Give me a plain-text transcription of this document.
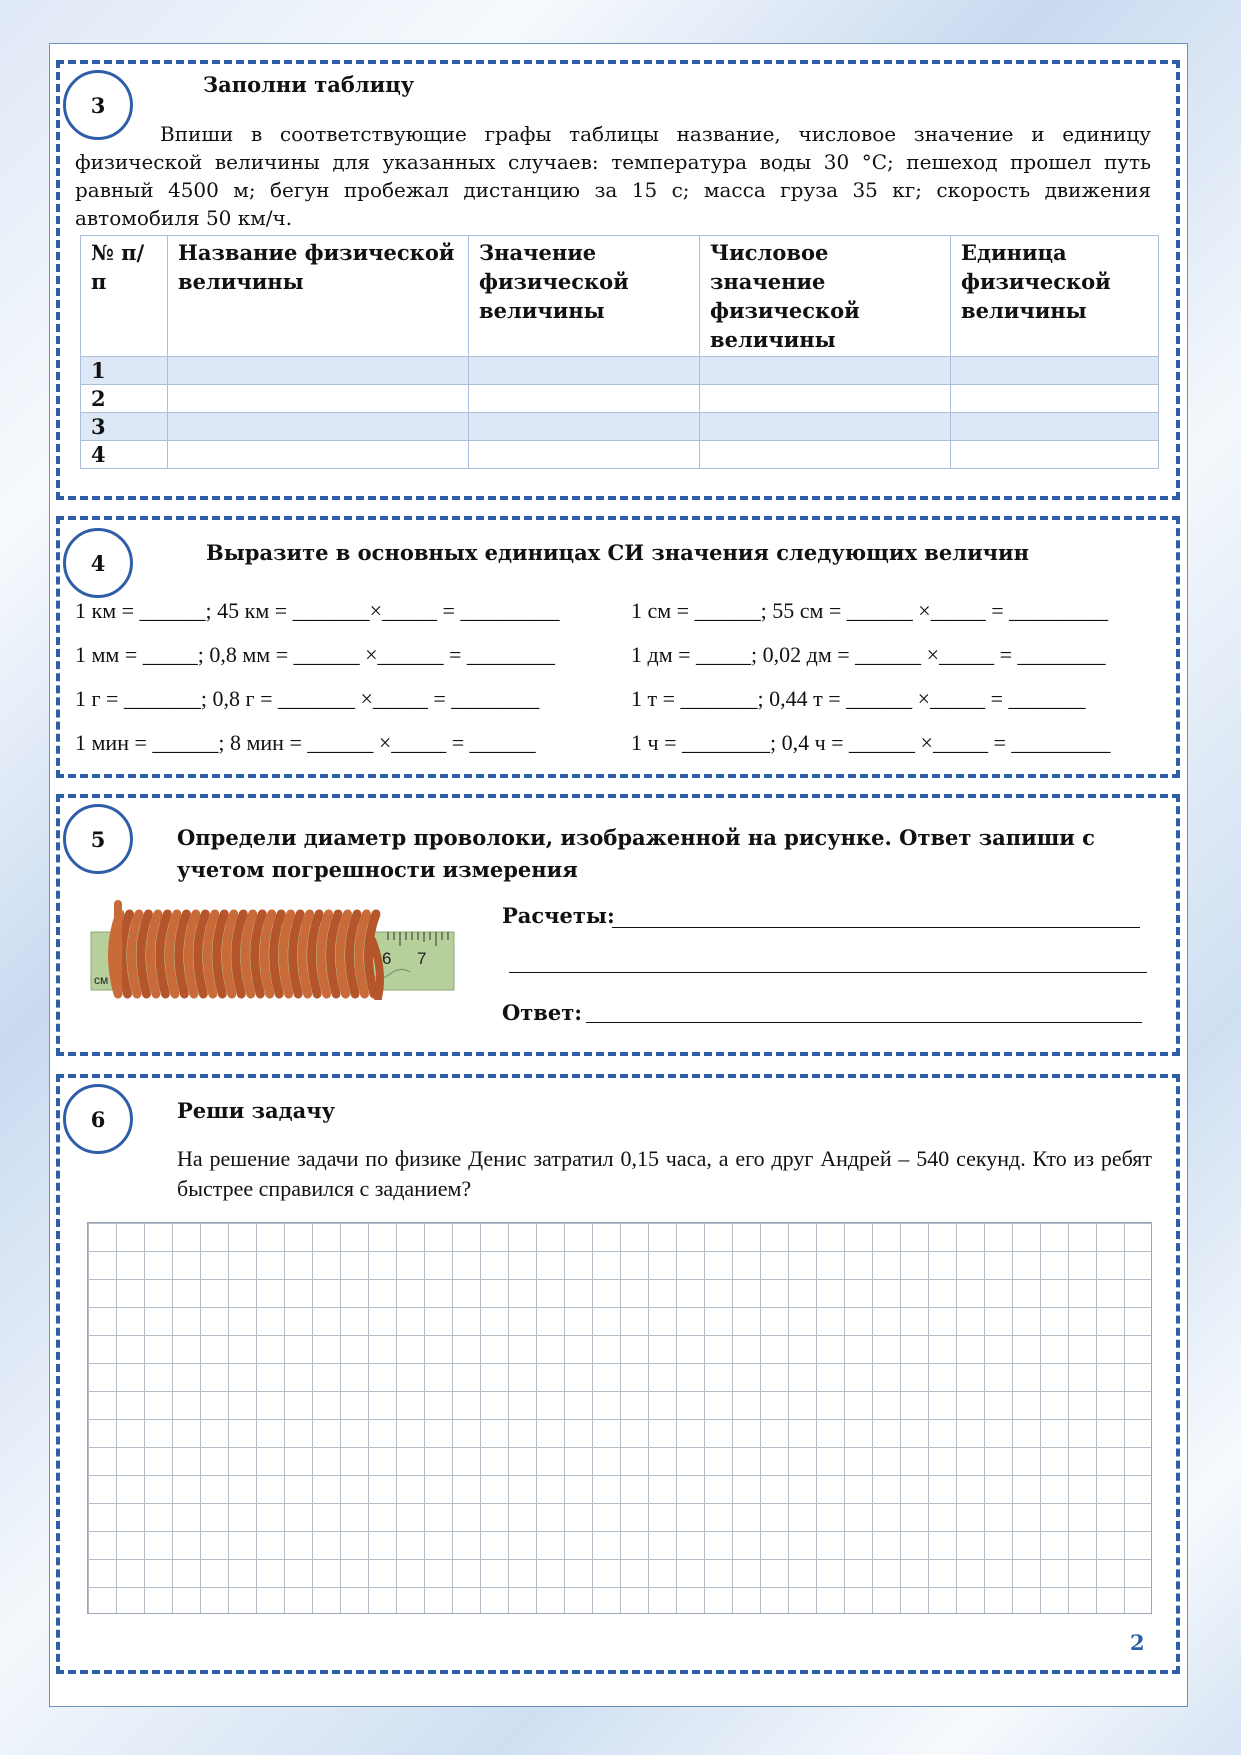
3
Заполни таблицу
Впиши в соответствующие графы таблицы название, числовое значение и единицу физической величины для указанных случаев: температура воды 30 °С; пешеход прошел путь равный 4500 м; бегун пробежал дистанцию за 15 с; масса груза 35 кг; скорость движения автомобиля 50 км/ч.
№ п/п	Название физической величины	Значение физической величины	Числовое значение физической величины	Единица физической величины
1				
2				
3				
4				
4	Выразите в основных единицах СИ значения следующих величин
1 км = ______; 45 км = _______×_____ = _________
1 мм = _____; 0,8 мм = ______ ×______ = ________
1 г = _______; 0,8 г = _______ ×_____ = ________
1 мин = ______; 8 мин = ______ ×_____ = ______
1 см = ______; 55 см = ______ ×_____ = _________
1 дм = _____; 0,02 дм = ______ ×_____ = ________
1 т = _______; 0,44 т = ______ ×_____ = _______
1 ч = ________; 0,4 ч = ______ ×_____ = _________
5	Определи диаметр проволоки, изображенной на рисунке. Ответ запиши с учетом погрешности измерения
0	6 7
см
Расчеты:
Ответ:
6	Реши задачу
На решение задачи по физике Денис затратил 0,15 часа, а его друг Андрей – 540 секунд. Кто из ребят быстрее справился с заданием?
2
